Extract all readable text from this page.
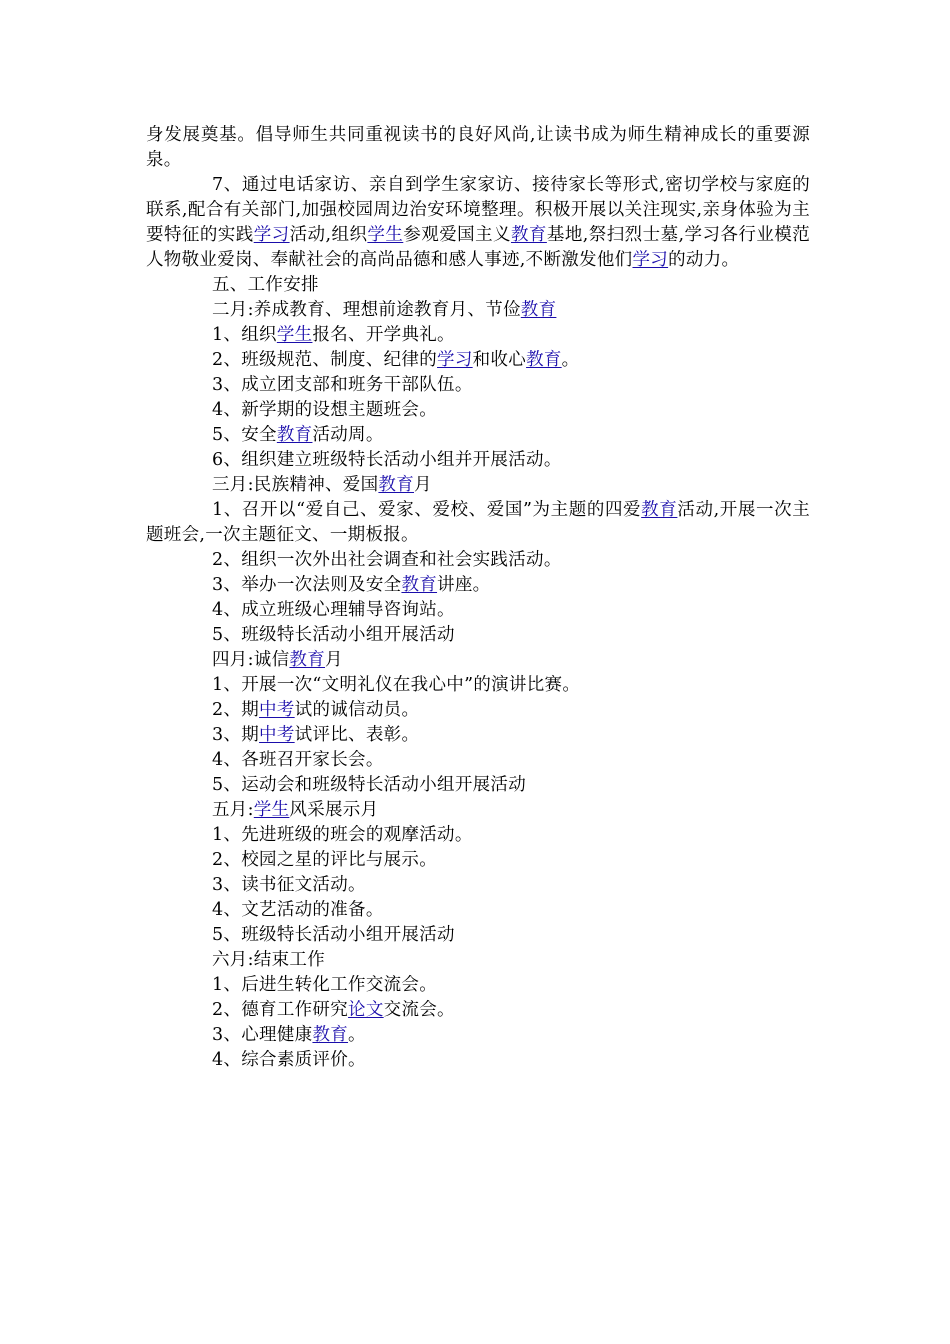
身发展奠基。倡导师生共同重视读书的良好风尚,让读书成为师生精神成长的重要源泉。

7、通过电话家访、亲自到学生家家访、接待家长等形式,密切学校与家庭的联系,配合有关部门,加强校园周边治安环境整理。积极开展以关注现实,亲身体验为主要特征的实践学习活动,组织学生参观爱国主义教育基地,祭扫烈士墓,学习各行业模范人物敬业爱岗、奉献社会的高尚品德和感人事迹,不断激发他们学习的动力。

五、工作安排

二月:养成教育、理想前途教育月、节俭教育

1、组织学生报名、开学典礼。

2、班级规范、制度、纪律的学习和收心教育。

3、成立团支部和班务干部队伍。

4、新学期的设想主题班会。

5、安全教育活动周。

6、组织建立班级特长活动小组并开展活动。

三月:民族精神、爱国教育月

1、召开以“爱自己、爱家、爱校、爱国”为主题的四爱教育活动,开展一次主题班会,一次主题征文、一期板报。

2、组织一次外出社会调查和社会实践活动。

3、举办一次法则及安全教育讲座。

4、成立班级心理辅导咨询站。

5、班级特长活动小组开展活动

四月:诚信教育月

1、开展一次“文明礼仪在我心中”的演讲比赛。

2、期中考试的诚信动员。

3、期中考试评比、表彰。

4、各班召开家长会。

5、运动会和班级特长活动小组开展活动

五月:学生风采展示月

1、先进班级的班会的观摩活动。

2、校园之星的评比与展示。

3、读书征文活动。

4、文艺活动的准备。

5、班级特长活动小组开展活动

六月:结束工作

1、后进生转化工作交流会。

2、德育工作研究论文交流会。

3、心理健康教育。

4、综合素质评价。
